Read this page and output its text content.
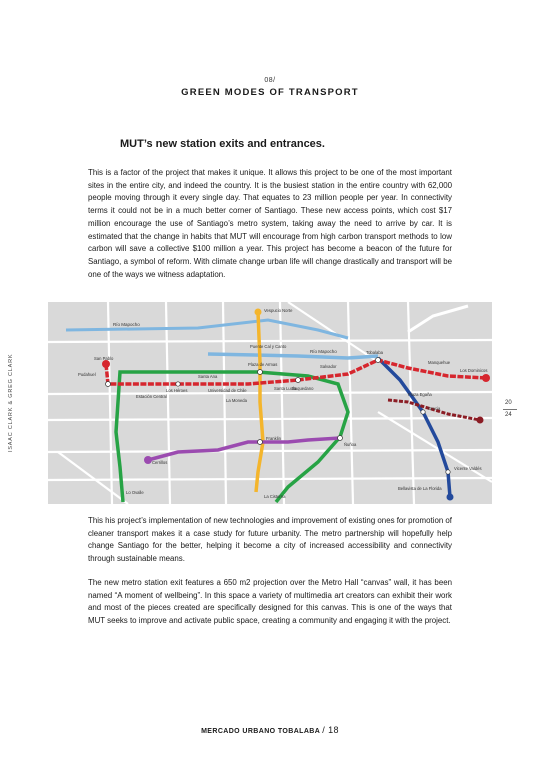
08/
GREEN MODES OF TRANSPORT
MUT’s new station exits and entrances.
This is a factor of the project that makes it unique. It allows this project to be one of the most important sites in the entire city, and indeed the country. It is the busiest station in the entire country with 62,000 people moving through it every single day. That equates to 23 million people per year. In connectivity terms it could not be in a much better corner of Santiago. These new access points, which cost $17 million encourage the use of Santiago’s metro system, taking away the need to arrive by car. It is estimated that the change in habits that MUT will encourage from high carbon transport methods to low carbon will save a collective $100 million a year. This project has become a beacon of the future for Santiago, a symbol of reform. With climate change urban life will change drastically and transport will be one of the ways we witness adaptation.
ISAAC CLARK & GREG CLARK	20
24
Río Mapocho
Río Mapocho
San Pablo
Pudahuel
Los Dominicos
Tobalaba
Baquedano
Santa Ana
Plaza de Armas
Puente Cal y Canto
Los Héroes	Universidad de Chile
La Moneda
Franklin
Ñuñoa
Cerrillos
La Cisterna
Vespucio Norte
Plaza Egaña
Grecia
Bellavista de La Florida
Vicente Valdés
Lo Ovalle
Estación Central
Santa Lucía
Salvador
Manquehue
This his project’s implementation of new technologies and improvement of existing ones for promotion of cleaner transport makes it a case study for future urbanity. The metro partnership will hopefully help change Santiago for the better, helping it become a city of increased accessibility and connectivity through sustainable means.
The new metro station exit features a 650 m2 projection over the Metro Hall “canvas” wall, it has been named “A moment of wellbeing”. In this space a variety of multimedia art creators can exhibit their work and most of the pieces created are specifically designed for this canvas. This is one of the ways that MUT seeks to improve and activate public space, creating a community and engaging it with the project.
MERCADO URBANO TOBALABA / 18
